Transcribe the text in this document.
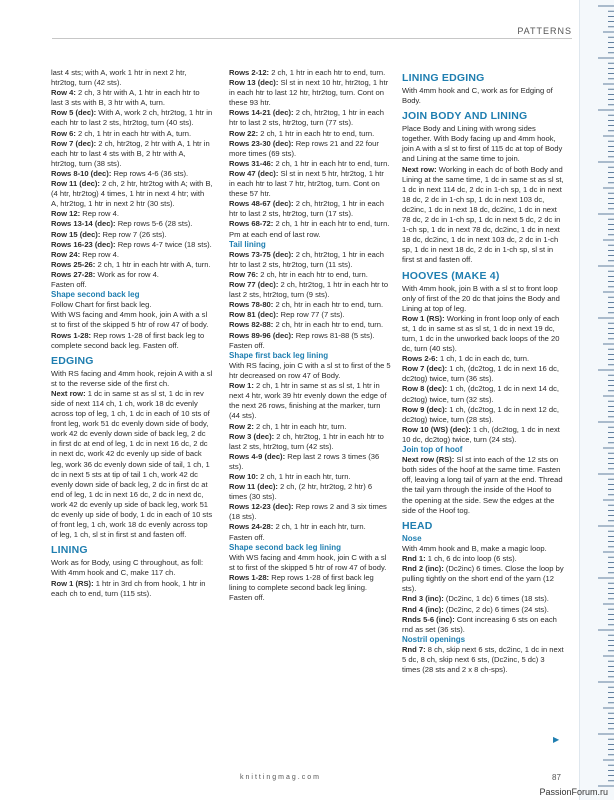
PATTERNS

last 4 sts; with A, work 1 htr in next 2 htr, htr2tog, turn (42 sts).

Row 4: 2 ch, 3 htr with A, 1 htr in each htr to last 3 sts with B, 3 htr with A, turn.

Row 5 (dec): With A, work 2 ch, htr2tog, 1 htr in each htr to last 2 sts, htr2tog, turn (40 sts).

Row 6: 2 ch, 1 htr in each htr with A, turn.

Row 7 (dec): 2 ch, htr2tog, 2 htr with A, 1 htr in each htr to last 4 sts with B, 2 htr with A, htr2tog, turn (38 sts).

Rows 8-10 (dec): Rep rows 4-6 (36 sts).

Row 11 (dec): 2 ch, 2 htr, htr2tog with A; with B, (4 htr, htr2tog) 4 times, 1 htr in next 4 htr; with A, htr2tog, 1 htr in next 2 htr (30 sts).

Row 12: Rep row 4.

Rows 13-14 (dec): Rep rows 5-6 (28 sts).

Row 15 (dec): Rep row 7 (26 sts).

Rows 16-23 (dec): Rep rows 4-7 twice (18 sts).

Row 24: Rep row 4.

Rows 25-26: 2 ch, 1 htr in each htr with A, turn.

Rows 27-28: Work as for row 4.

Fasten off.

Shape second back leg

Follow Chart for first back leg.

With WS facing and 4mm hook, join A with a sl st to first of the skipped 5 htr of row 47 of body.

Rows 1-28: Rep rows 1-28 of first back leg to complete second back leg. Fasten off.

EDGING

With RS facing and 4mm hook, rejoin A with a sl st to the reverse side of the first ch.

Next row: 1 dc in same st as sl st, 1 dc in rev side of next 114 ch, 1 ch, work 18 dc evenly across top of leg, 1 ch, 1 dc in each of 10 sts of front leg, work 51 dc evenly down side of body, work 42 dc evenly down side of back leg, 2 dc in first dc at end of leg, 1 dc in next 16 dc, 2 dc in next dc, work 42 dc evenly up side of back leg, work 36 dc evenly down side of tail, 1 ch, 1 dc in next 5 sts at tip of tail 1 ch, work 42 dc evenly down side of back leg, 2 dc in first dc at end of leg, 1 dc in next 16 dc, 2 dc in next dc, work 42 dc evenly up side of back leg, work 51 dc evenly up side of body, 1 dc in each of 10 sts of front leg, 1 ch, work 18 dc evenly across top of leg, 1 ch, sl st in first st and fasten off.

LINING

Work as for Body, using C throughout, as foll:

With 4mm hook and C, make 117 ch.

Row 1 (RS): 1 htr in 3rd ch from hook, 1 htr in each ch to end, turn (115 sts).

Rows 2-12: 2 ch, 1 htr in each htr to end, turn.

Row 13 (dec): Sl st in next 10 htr, htr2tog, 1 htr in each htr to last 12 htr, htr2tog, turn. Cont on these 93 htr.

Rows 14-21 (dec): 2 ch, htr2tog, 1 htr in each htr to last 2 sts, htr2tog, turn (77 sts).

Row 22: 2 ch, 1 htr in each htr to end, turn.

Rows 23-30 (dec): Rep rows 21 and 22 four more times (69 sts).

Rows 31-46: 2 ch, 1 htr in each htr to end, turn.

Row 47 (dec): Sl st in next 5 htr, htr2tog, 1 htr in each htr to last 7 htr, htr2tog, turn. Cont on these 57 htr.

Rows 48-67 (dec): 2 ch, htr2tog, 1 htr in each htr to last 2 sts, htr2tog, turn (17 sts).

Rows 68-72: 2 ch, 1 htr in each htr to end, turn. Pm at each end of last row.

Tail lining

Rows 73-75 (dec): 2 ch, htr2tog, 1 htr in each htr to last 2 sts, htr2tog, turn (11 sts).

Row 76: 2 ch, htr in each htr to end, turn.

Row 77 (dec): 2 ch, htr2tog, 1 htr in each htr to last 2 sts, htr2tog, turn (9 sts).

Rows 78-80: 2 ch, htr in each htr to end, turn.

Row 81 (dec): Rep row 77 (7 sts).

Rows 82-88: 2 ch, htr in each htr to end, turn.

Rows 89-96 (dec): Rep rows 81-88 (5 sts).

Fasten off.

Shape first back leg lining

With RS facing, join C with a sl st to first of the 5 htr decreased on row 47 of Body.

Row 1: 2 ch, 1 htr in same st as sl st, 1 htr in next 4 htr, work 39 htr evenly down the edge of the next 26 rows, finishing at the marker, turn (44 sts).

Row 2: 2 ch, 1 htr in each htr, turn.

Row 3 (dec): 2 ch, htr2tog, 1 htr in each htr to last 2 sts, htr2tog, turn (42 sts).

Rows 4-9 (dec): Rep last 2 rows 3 times (36 sts).

Row 10: 2 ch, 1 htr in each htr, turn.

Row 11 (dec): 2 ch, (2 htr, htr2tog, 2 htr) 6 times (30 sts).

Rows 12-23 (dec): Rep rows 2 and 3 six times (18 sts).

Rows 24-28: 2 ch, 1 htr in each htr, turn.

Fasten off.

Shape second back leg lining

With WS facing and 4mm hook, join C with a sl st to first of the skipped 5 htr of row 47 of body.

Rows 1-28: Rep rows 1-28 of first back leg lining to complete second back leg lining. Fasten off.

LINING EDGING

With 4mm hook and C, work as for Edging of Body.

JOIN BODY AND LINING

Place Body and Lining with wrong sides together. With Body facing up and 4mm hook, join A with a sl st to first of 115 dc at top of Body and Lining at the same time to join.

Next row: Working in each dc of both Body and Lining at the same time, 1 dc in same st as sl st, 1 dc in next 114 dc, 2 dc in 1-ch sp, 1 dc in next 18 dc, 2 dc in 1-ch sp, 1 dc in next 103 dc, dc2inc, 1 dc in next 18 dc, dc2inc, 1 dc in next 78 dc, 2 dc in 1-ch sp, 1 dc in next 5 dc, 2 dc in 1-ch sp, 1 dc in next 78 dc, dc2inc, 1 dc in next 18 dc, dc2inc, 1 dc in next 103 dc, 2 dc in 1-ch sp, 1 dc in next 18 dc, 2 dc in 1-ch sp, sl st in first st and fasten off.

HOOVES (MAKE 4)

With 4mm hook, join B with a sl st to front loop only of first of the 20 dc that joins the Body and Lining at top of leg.

Row 1 (RS): Working in front loop only of each st, 1 dc in same st as sl st, 1 dc in next 19 dc, turn, 1 dc in the unworked back loops of the 20 dc, turn (40 sts).

Rows 2-6: 1 ch, 1 dc in each dc, turn.

Row 7 (dec): 1 ch, (dc2tog, 1 dc in next 16 dc, dc2tog) twice, turn (36 sts).

Row 8 (dec): 1 ch, (dc2tog, 1 dc in next 14 dc, dc2tog) twice, turn (32 sts).

Row 9 (dec): 1 ch, (dc2tog, 1 dc in next 12 dc, dc2tog) twice, turn (28 sts).

Row 10 (WS) (dec): 1 ch, (dc2tog, 1 dc in next 10 dc, dc2tog) twice, turn (24 sts).

Join top of hoof

Next row (RS): Sl st into each of the 12 sts on both sides of the hoof at the same time. Fasten off, leaving a long tail of yarn at the end. Thread the tail yarn through the inside of the Hoof to the opening at the side. Sew the edges at the side of the Hoof tog.

HEAD
Nose

With 4mm hook and B, make a magic loop.

Rnd 1: 1 ch, 6 dc into loop (6 sts).

Rnd 2 (inc): (Dc2inc) 6 times. Close the loop by pulling tightly on the short end of the yarn (12 sts).

Rnd 3 (inc): (Dc2inc, 1 dc) 6 times (18 sts).

Rnd 4 (inc): (Dc2inc, 2 dc) 6 times (24 sts).

Rnds 5-6 (inc): Cont increasing 6 sts on each rnd as set (36 sts).

Nostril openings

Rnd 7: 8 ch, skip next 6 sts, dc2inc, 1 dc in next 5 dc, 8 ch, skip next 6 sts, (Dc2inc, 5 dc) 3 times (28 sts and 2 x 8 ch-sps).

▶
knittingmag.com	87
PassionForum.ru
